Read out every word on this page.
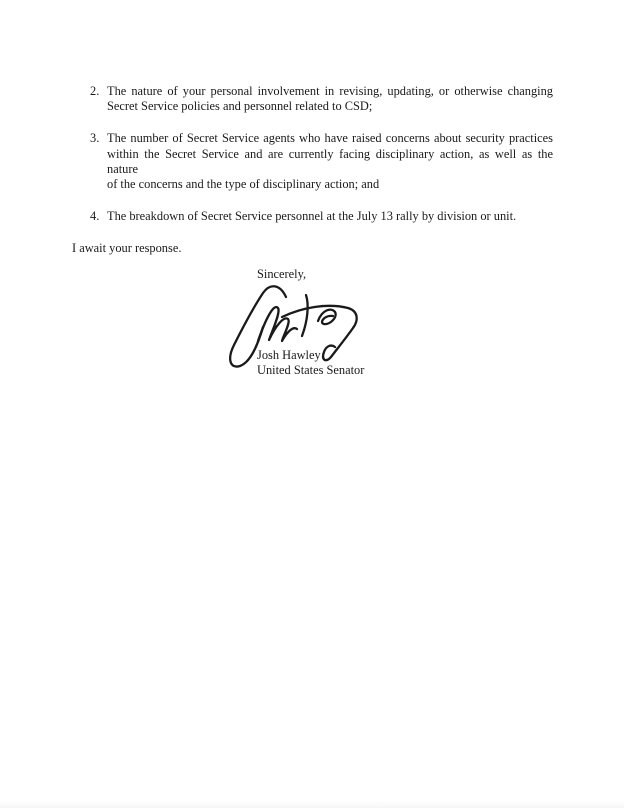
2. The nature of your personal involvement in revising, updating, or otherwise changing
Secret Service policies and personnel related to CSD;
3. The number of Secret Service agents who have raised concerns about security practices
within the Secret Service and are currently facing disciplinary action, as well as the nature
of the concerns and the type of disciplinary action; and
4. The breakdown of Secret Service personnel at the July 13 rally by division or unit.

I await your response.

Sincerely,
Josh Hawley
United States Senator
